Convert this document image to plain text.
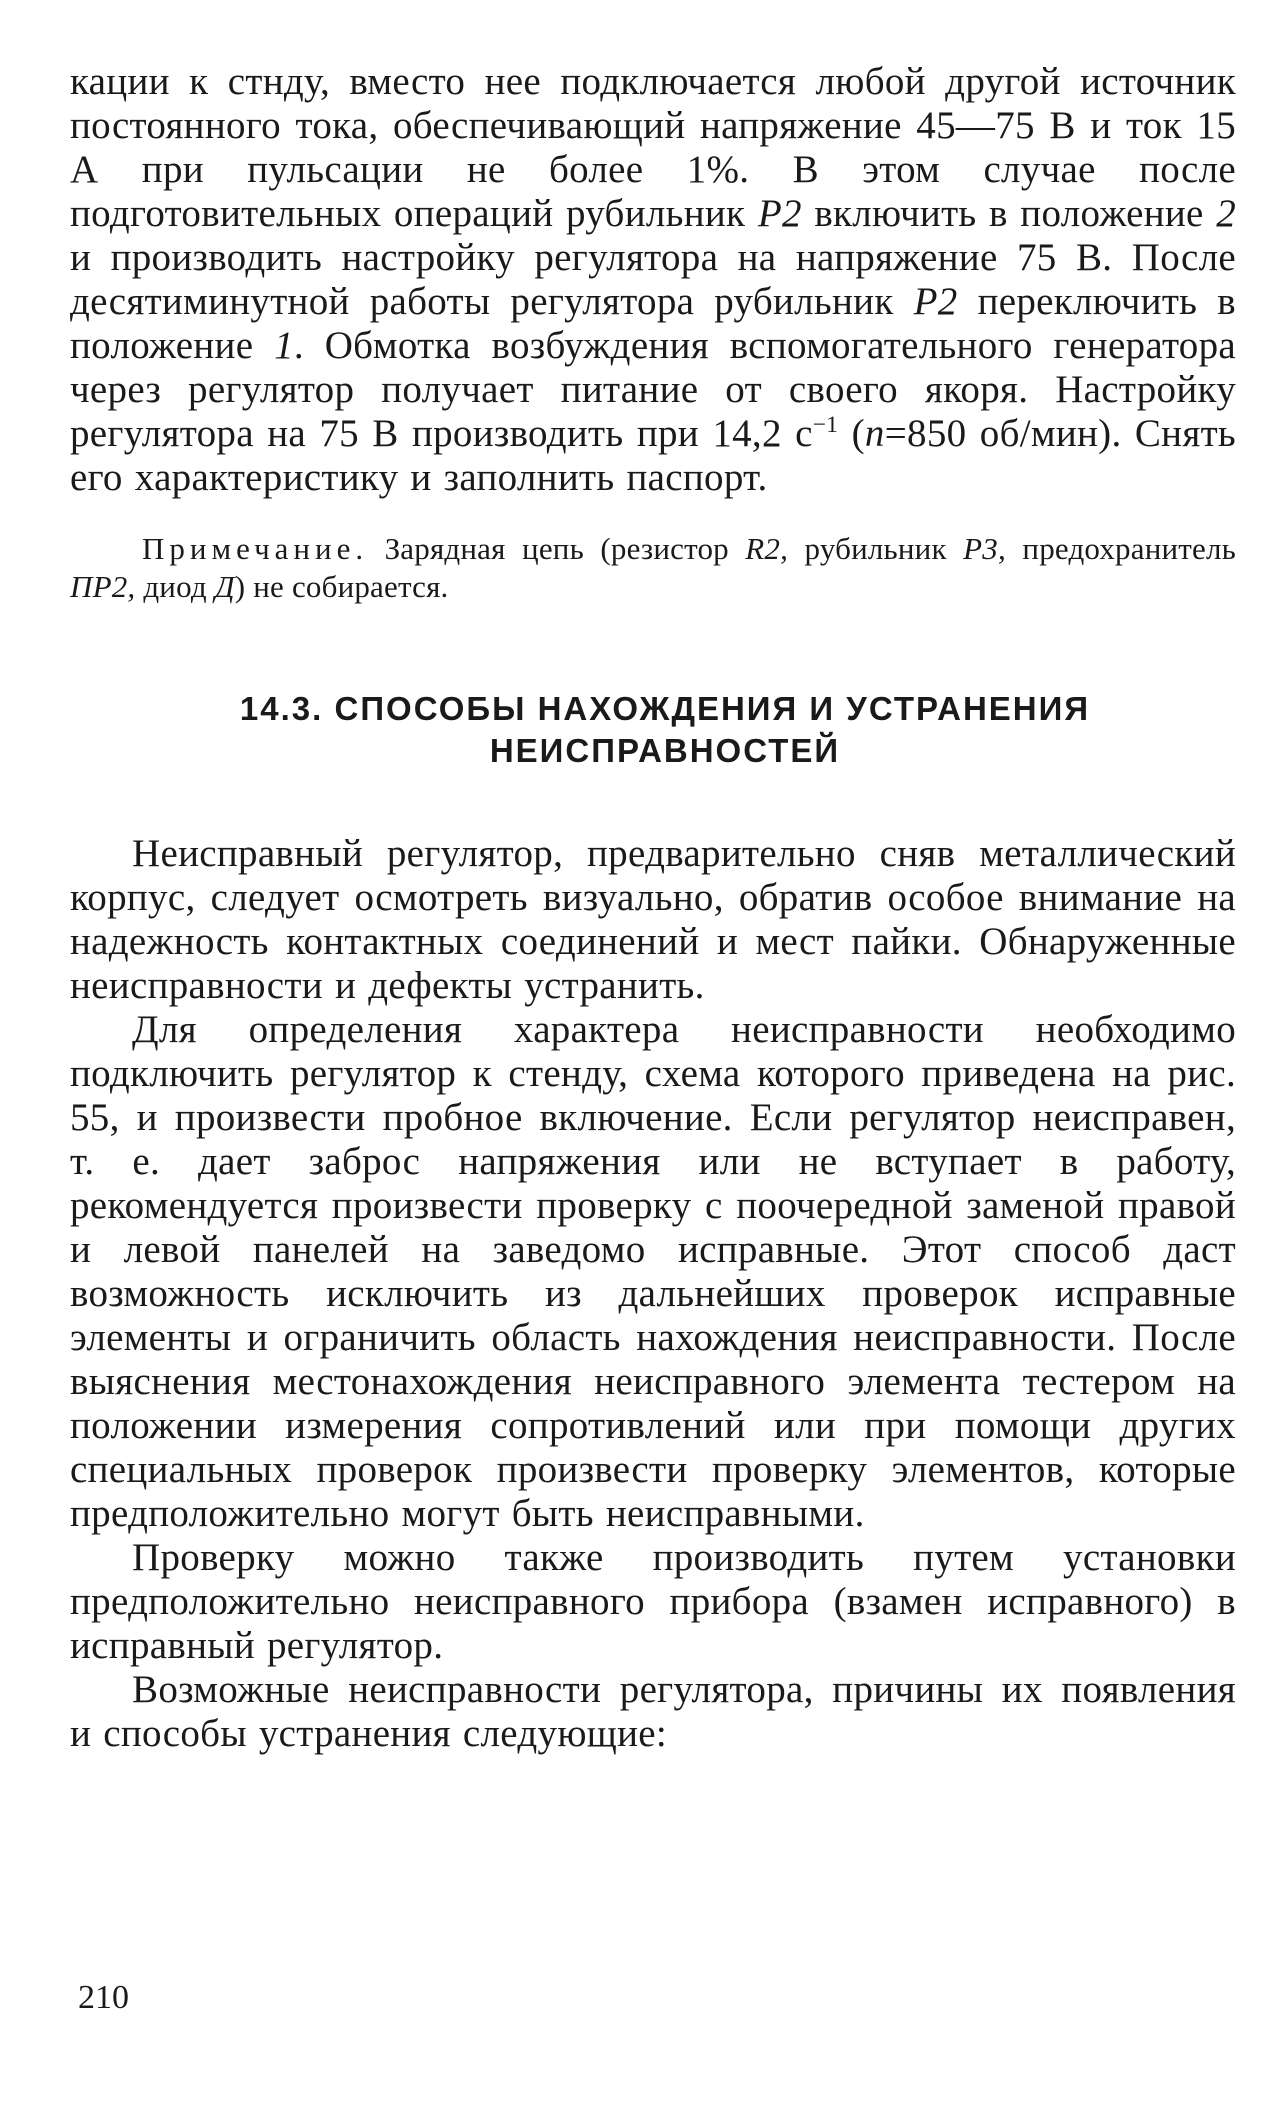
кации к стнду, вместо нее подключается любой другой источник постоянного тока, обеспечивающий напряжение 45—75 В и ток 15 А при пульсации не более 1%. В этом случае после подготовительных операций рубильник P2 включить в положение 2 и производить настройку регулятора на напряжение 75 В. После десятиминутной работы регулятора рубильник P2 переключить в положение 1. Обмотка возбуждения вспомогательного генератора через регулятор получает питание от своего якоря. Настройку регулятора на 75 В производить при 14,2 $с^{-1}$ (n=850 об/мин). Снять его характеристику и заполнить паспорт.

Примечание. Зарядная цепь (резистор R2, рубильник P3, предохранитель ПР2, диод Д) не собирается.

14.3. СПОСОБЫ НАХОЖДЕНИЯ И УСТРАНЕНИЯ
НЕИСПРАВНОСТЕЙ

Неисправный регулятор, предварительно сняв металлический корпус, следует осмотреть визуально, обратив особое внимание на надежность контактных соединений и мест пайки. Обнаруженные неисправности и дефекты устранить.

Для определения характера неисправности необходимо подключить регулятор к стенду, схема которого приведена на рис. 55, и произвести пробное включение. Если регулятор неисправен, т. е. дает заброс напряжения или не вступает в работу, рекомендуется произвести проверку с поочередной заменой правой и левой панелей на заведомо исправные. Этот способ даст возможность исключить из дальнейших проверок исправные элементы и ограничить область нахождения неисправности. После выяснения местонахождения неисправного элемента тестером на положении измерения сопротивлений или при помощи других специальных проверок произвести проверку элементов, которые предположительно могут быть неисправными.

Проверку можно также производить путем установки предположительно неисправного прибора (взамен исправного) в исправный регулятор.

Возможные неисправности регулятора, причины их появления и способы устранения следующие:

210
